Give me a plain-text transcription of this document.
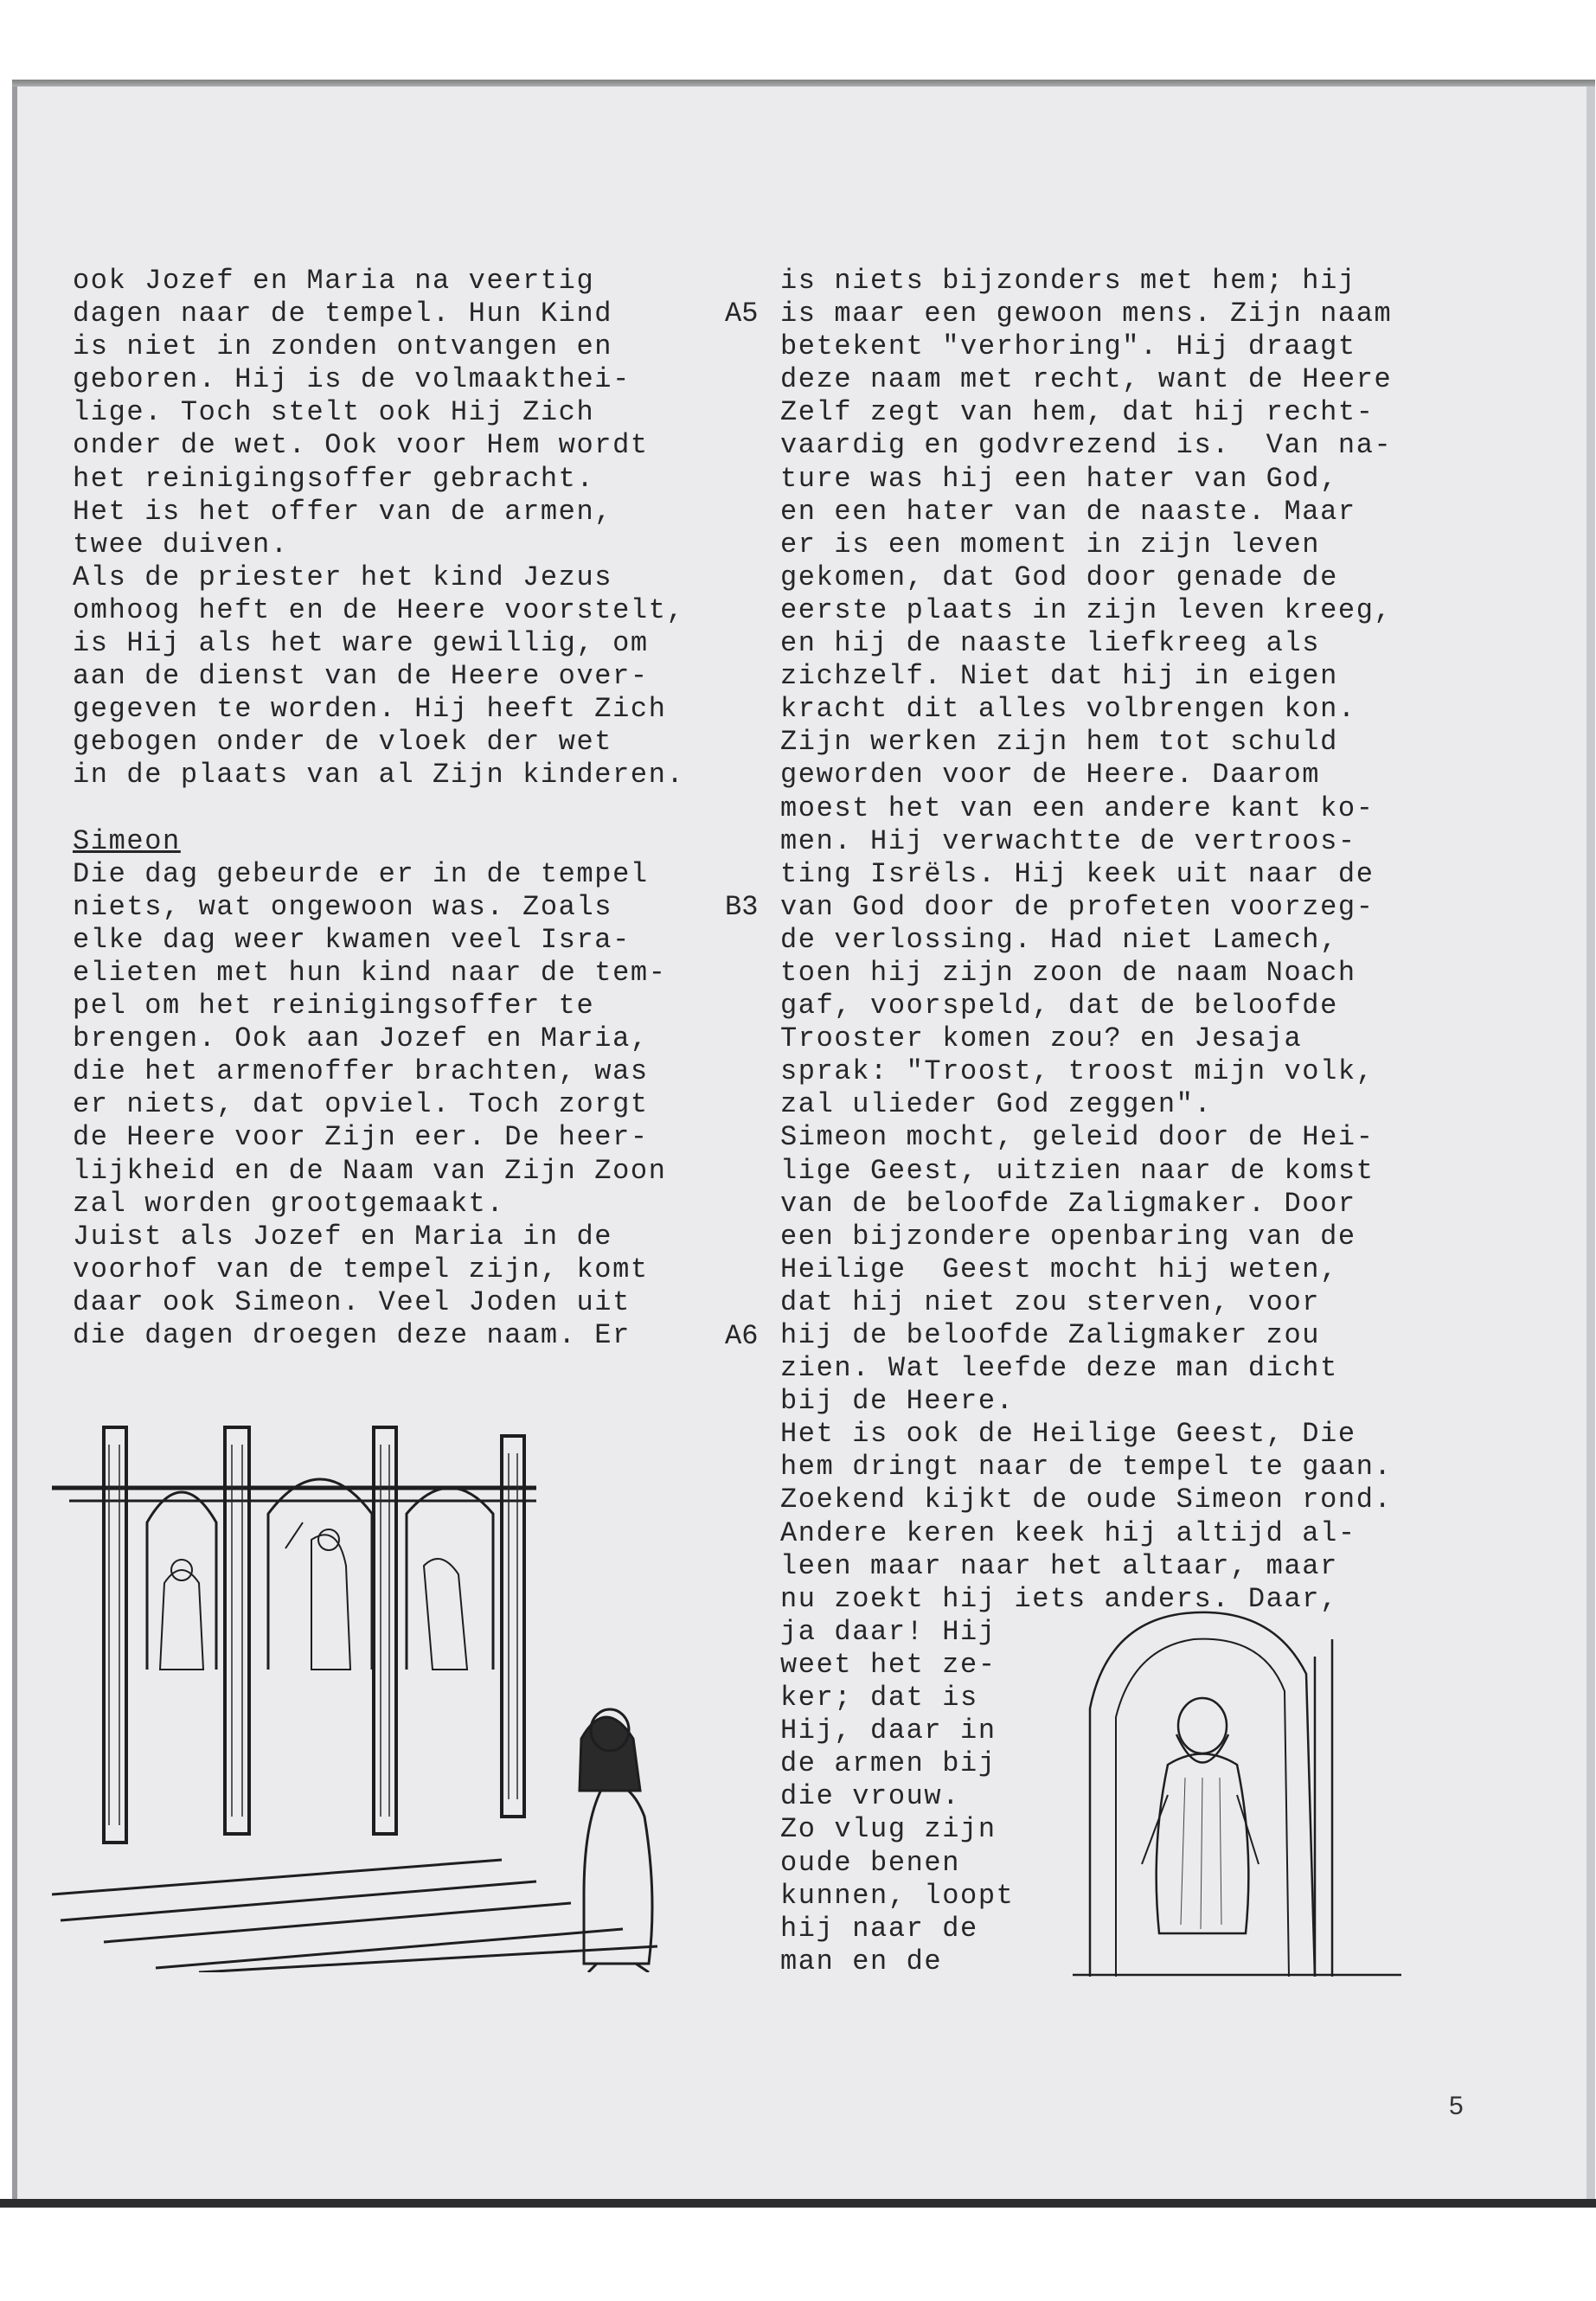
ook Jozef en Maria na veertig
dagen naar de tempel. Hun Kind
is niet in zonden ontvangen en
geboren. Hij is de volmaakthei-
lige. Toch stelt ook Hij Zich
onder de wet. Ook voor Hem wordt
het reinigingsoffer gebracht.
Het is het offer van de armen,
twee duiven.
Als de priester het kind Jezus
omhoog heft en de Heere voorstelt,
is Hij als het ware gewillig, om
aan de dienst van de Heere over-
gegeven te worden. Hij heeft Zich
gebogen onder de vloek der wet
in de plaats van al Zijn kinderen.
Simeon
Die dag gebeurde er in de tempel
niets, wat ongewoon was. Zoals
elke dag weer kwamen veel Isra-
elieten met hun kind naar de tem-
pel om het reinigingsoffer te
brengen. Ook aan Jozef en Maria,
die het armenoffer brachten, was
er niets, dat opviel. Toch zorgt
de Heere voor Zijn eer. De heer-
lijkheid en de Naam van Zijn Zoon
zal worden grootgemaakt.
Juist als Jozef en Maria in de
voorhof van de tempel zijn, komt
daar ook Simeon. Veel Joden uit
die dagen droegen deze naam. Er
is niets bijzonders met hem; hij
is maar een gewoon mens. Zijn naam
betekent "verhoring". Hij draagt
deze naam met recht, want de Heere
Zelf zegt van hem, dat hij recht-
vaardig en godvrezend is.  Van na-
ture was hij een hater van God,
en een hater van de naaste. Maar
er is een moment in zijn leven
gekomen, dat God door genade de
eerste plaats in zijn leven kreeg,
en hij de naaste liefkreeg als
zichzelf. Niet dat hij in eigen
kracht dit alles volbrengen kon.
Zijn werken zijn hem tot schuld
geworden voor de Heere. Daarom
moest het van een andere kant ko-
men. Hij verwachtte de vertroos-
ting Isrëls. Hij keek uit naar de
van God door de profeten voorzeg-
de verlossing. Had niet Lamech,
toen hij zijn zoon de naam Noach
gaf, voorspeld, dat de beloofde
Trooster komen zou? en Jesaja
sprak: "Troost, troost mijn volk,
zal ulieder God zeggen".
Simeon mocht, geleid door de Hei-
lige Geest, uitzien naar de komst
van de beloofde Zaligmaker. Door
een bijzondere openbaring van de
Heilige  Geest mocht hij weten,
dat hij niet zou sterven, voor
hij de beloofde Zaligmaker zou
zien. Wat leefde deze man dicht
bij de Heere.
Het is ook de Heilige Geest, Die
hem dringt naar de tempel te gaan.
Zoekend kijkt de oude Simeon rond.
Andere keren keek hij altijd al-
leen maar naar het altaar, maar
nu zoekt hij iets anders. Daar,
ja daar! Hij
weet het ze-
ker; dat is
Hij, daar in
de armen bij
die vrouw.
Zo vlug zijn
oude benen
kunnen, loopt
hij naar de
man en de
A5
B3
A6
5
